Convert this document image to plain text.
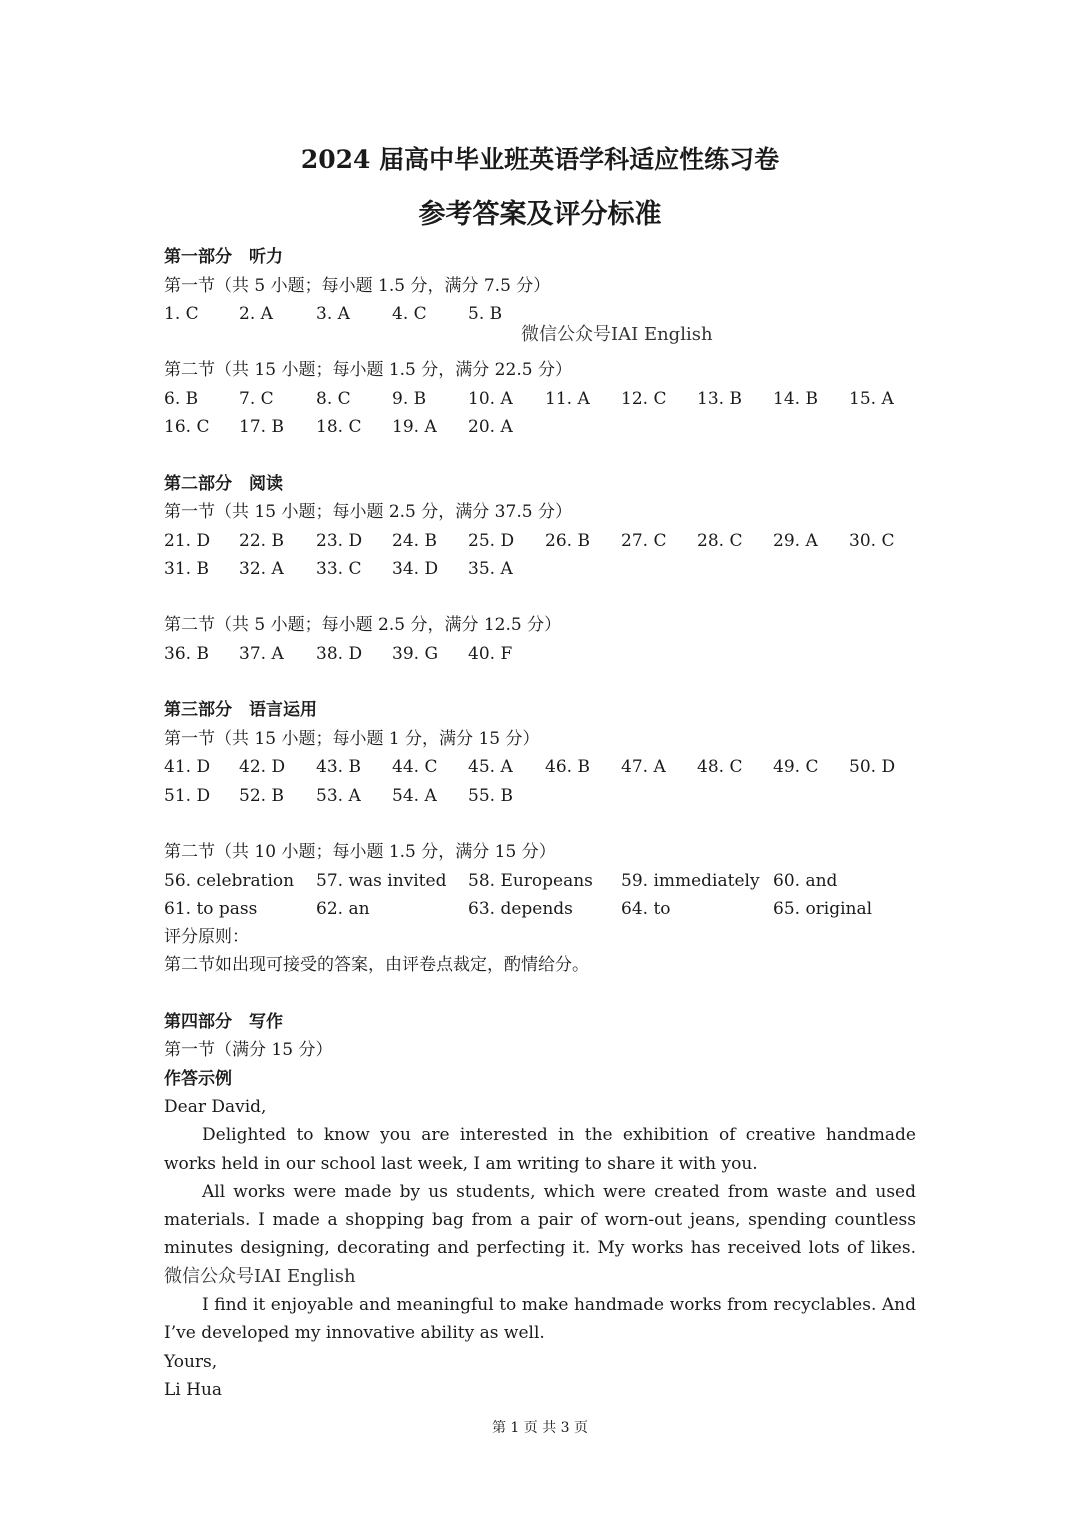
2024 届高中毕业班英语学科适应性练习卷
参考答案及评分标准
第一部分　听力
第一节（共 5 小题；每小题 1.5 分，满分 7.5 分）
1. C 2. A	3. A 4. C 5. B
微信公众号IAI English
第二节（共 15 小题；每小题 1.5 分，满分 22.5 分）
6. B 7. C 8. C 9. B 10. A 11. A 12. C 13. B 14. B 15. A
16. C 17. B 18. C 19. A 20. A
第二部分　阅读
第一节（共 15 小题；每小题 2.5 分，满分 37.5 分）
21. D 22. B 23. D 24. B 25. D 26. B 27. C 28. C 29. A 30. C
31. B 32. A 33. C 34. D 35. A
第二节（共 5 小题；每小题 2.5 分，满分 12.5 分）
36. B 37. A 38. D 39. G 40. F
第三部分　语言运用
第一节（共 15 小题；每小题 1 分，满分 15 分）
41. D 42. D 43. B 44. C 45. A 46. B 47. A 48. C 49. C 50. D
51. D 52. B 53. A 54. A 55. B
第二节（共 10 小题；每小题 1.5 分，满分 15 分）
56. celebration 57. was invited 58. Europeans 59. immediately 60. and
61. to pass	62. an	63. depends	64. to	65. original
评分原则：
第二节如出现可接受的答案，由评卷点裁定，酌情给分。
第四部分　写作
第一节（满分 15 分）
作答示例

Dear David,

Delighted to know you are interested in the exhibition of creative handmade works held in our school last week, I am writing to share it with you.

All works were made by us students, which were created from waste and used materials. I made a shopping bag from a pair of worn-out jeans, spending countless minutes designing, decorating and perfecting it. My works has received lots of likes. 微信公众号IAI English

I find it enjoyable and meaningful to make handmade works from recyclables. And I’ve developed my innovative ability as well.

Yours,

Li Hua

第 1 页 共 3 页
